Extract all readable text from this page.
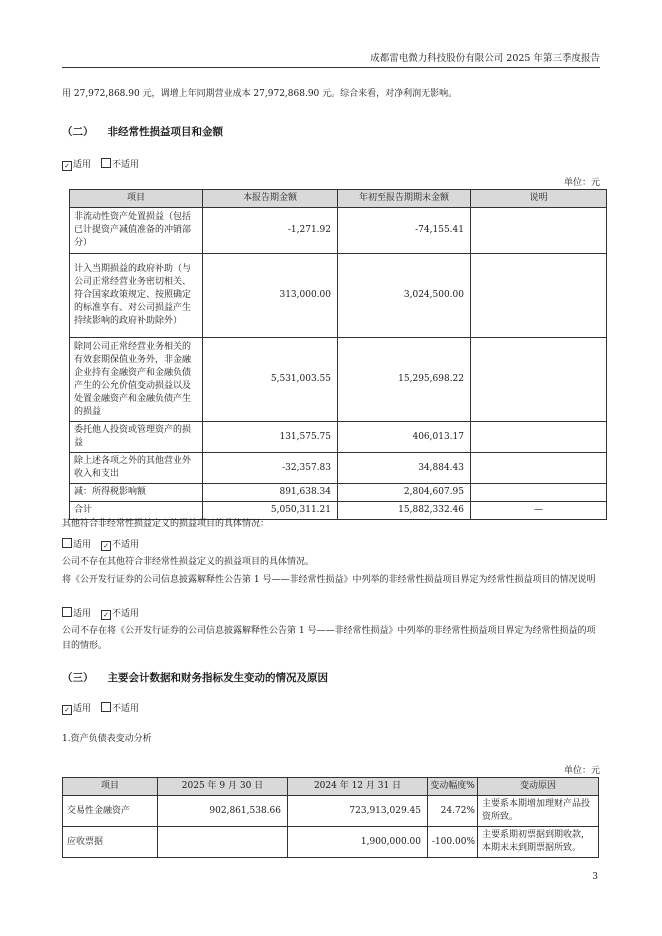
成都雷电微力科技股份有限公司 2025 年第三季度报告
用 27,972,868.90 元，调增上年同期营业成本 27,972,868.90 元。综合来看，对净利润无影响。
（二） 非经常性损益项目和金额
✓ 适用 不适用
单位：元
项目	本报告期金额	年初至报告期期末金额	说明
非流动性资产处置损益（包括已计提资产减值准备的冲销部分）	-1,271.92	-74,155.41	
计入当期损益的政府补助（与公司正常经营业务密切相关、符合国家政策规定、按照确定的标准享有、对公司损益产生持续影响的政府补助除外）	313,000.00	3,024,500.00	
除同公司正常经营业务相关的有效套期保值业务外，非金融企业持有金融资产和金融负债产生的公允价值变动损益以及处置金融资产和金融负债产生的损益	5,531,003.55	15,295,698.22	
委托他人投资或管理资产的损益	131,575.75	406,013.17	
除上述各项之外的其他营业外收入和支出	-32,357.83	34,884.43	
减：所得税影响额	891,638.34	2,804,607.95	
合计	5,050,311.21	15,882,332.46	—
其他符合非经常性损益定义的损益项目的具体情况：
适用 ✓ 不适用
公司不存在其他符合非经常性损益定义的损益项目的具体情况。
将《公开发行证券的公司信息披露解释性公告第 1 号——非经常性损益》中列举的非经常性损益项目界定为经常性损益项目的情况说明
适用 ✓ 不适用
公司不存在将《公开发行证券的公司信息披露解释性公告第 1 号——非经常性损益》中列举的非经常性损益项目界定为经常性损益的项目的情形。
（三） 主要会计数据和财务指标发生变动的情况及原因
✓ 适用 不适用
1.资产负债表变动分析
单位：元
项目	2025 年 9 月 30 日	2024 年 12 月 31 日	变动幅度%	变动原因
交易性金融资产	902,861,538.66	723,913,029.45	24.72%	主要系本期增加理财产品投资所致。
应收票据		1,900,000.00	-100.00%	主要系期初票据到期收款，本期末未到期票据所致。
3
